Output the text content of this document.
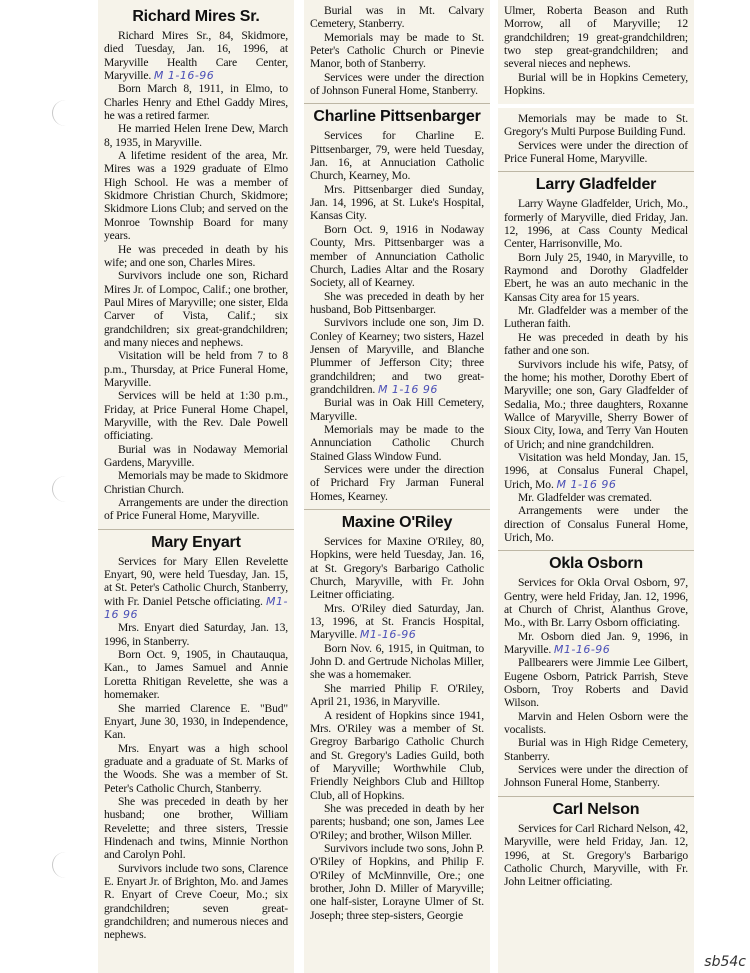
Richard Mires Sr.

Richard Mires Sr., 84, Skidmore, died Tuesday, Jan. 16, 1996, at Maryville Health Care Center, Maryville. M 1-16-96

Born March 8, 1911, in Elmo, to Charles Henry and Ethel Gaddy Mires, he was a retired farmer.

He married Helen Irene Dew, March 8, 1935, in Maryville.

A lifetime resident of the area, Mr. Mires was a 1929 graduate of Elmo High School. He was a member of Skidmore Christian Church, Skidmore; Skidmore Lions Club; and served on the Monroe Township Board for many years.

He was preceded in death by his wife; and one son, Charles Mires.

Survivors include one son, Richard Mires Jr. of Lompoc, Calif.; one brother, Paul Mires of Maryville; one sister, Elda Carver of Vista, Calif.; six grandchildren; six great-grandchildren; and many nieces and nephews.

Visitation will be held from 7 to 8 p.m., Thursday, at Price Funeral Home, Maryville.

Services will be held at 1:30 p.m., Friday, at Price Funeral Home Chapel, Maryville, with the Rev. Dale Powell officiating.

Burial was in Nodaway Memorial Gardens, Maryville.

Memorials may be made to Skidmore Christian Church.

Arrangements are under the direction of Price Funeral Home, Maryville.

Mary Enyart

Services for Mary Ellen Revelette Enyart, 90, were held Tuesday, Jan. 15, at St. Peter's Catholic Church, Stanberry, with Fr. Daniel Petsche officiating. M1-16 96

Mrs. Enyart died Saturday, Jan. 13, 1996, in Stanberry.

Born Oct. 9, 1905, in Chautauqua, Kan., to James Samuel and Annie Loretta Rhitigan Revelette, she was a homemaker.

She married Clarence E. "Bud" Enyart, June 30, 1930, in Independence, Kan.

Mrs. Enyart was a high school graduate and a graduate of St. Marks of the Woods. She was a member of St. Peter's Catholic Church, Stanberry.

She was preceded in death by her husband; one brother, William Revelette; and three sisters, Tressie Hindenach and twins, Minnie Northon and Carolyn Pohl.

Survivors include two sons, Clarence E. Enyart Jr. of Brighton, Mo. and James R. Enyart of Creve Coeur, Mo.; six grandchildren; seven great-grandchildren; and numerous nieces and nephews.

Burial was in Mt. Calvary Cemetery, Stanberry.

Memorials may be made to St. Peter's Catholic Church or Pinevie Manor, both of Stanberry.

Services were under the direction of Johnson Funeral Home, Stanberry.

Charline Pittsenbarger

Services for Charline E. Pittsenbarger, 79, were held Tuesday, Jan. 16, at Annuciation Catholic Church, Kearney, Mo.

Mrs. Pittsenbarger died Sunday, Jan. 14, 1996, at St. Luke's Hospital, Kansas City.

Born Oct. 9, 1916 in Nodaway County, Mrs. Pittsenbarger was a member of Annunciation Catholic Church, Ladies Altar and the Rosary Society, all of Kearney.

She was preceded in death by her husband, Bob Pittsenbarger.

Survivors include one son, Jim D. Conley of Kearney; two sisters, Hazel Jensen of Maryville, and Blanche Plummer of Jefferson City; three grandchildren; and two great-grandchildren. M 1-16 96

Burial was in Oak Hill Cemetery, Maryville.

Memorials may be made to the Annunciation Catholic Church Stained Glass Window Fund.

Services were under the direction of Prichard Fry Jarman Funeral Homes, Kearney.

Maxine O'Riley

Services for Maxine O'Riley, 80, Hopkins, were held Tuesday, Jan. 16, at St. Gregory's Barbarigo Catholic Church, Maryville, with Fr. John Leitner officiating.

Mrs. O'Riley died Saturday, Jan. 13, 1996, at St. Francis Hospital, Maryville. M1-16-96

Born Nov. 6, 1915, in Quitman, to John D. and Gertrude Nicholas Miller, she was a homemaker.

She married Philip F. O'Riley, April 21, 1936, in Maryville.

A resident of Hopkins since 1941, Mrs. O'Riley was a member of St. Gregroy Barbarigo Catholic Church and St. Gregory's Ladies Guild, both of Maryville; Worthwhile Club, Friendly Neighbors Club and Hilltop Club, all of Hopkins.

She was preceded in death by her parents; husband; one son, James Lee O'Riley; and brother, Wilson Miller.

Survivors include two sons, John P. O'Riley of Hopkins, and Philip F. O'Riley of McMinnville, Ore.; one brother, John D. Miller of Maryville; one half-sister, Lorayne Ulmer of St. Joseph; three step-sisters, Georgie

Ulmer, Roberta Beason and Ruth Morrow, all of Maryville; 12 grandchildren; 19 great-grandchildren; two step great-grandchildren; and several nieces and nephews.

Burial will be in Hopkins Cemetery, Hopkins.

Memorials may be made to St. Gregory's Multi Purpose Building Fund.

Services were under the direction of Price Funeral Home, Maryville.

Larry Gladfelder

Larry Wayne Gladfelder, Urich, Mo., formerly of Maryville, died Friday, Jan. 12, 1996, at Cass County Medical Center, Harrisonville, Mo.

Born July 25, 1940, in Maryville, to Raymond and Dorothy Gladfelder Ebert, he was an auto mechanic in the Kansas City area for 15 years.

Mr. Gladfelder was a member of the Lutheran faith.

He was preceded in death by his father and one son.

Survivors include his wife, Patsy, of the home; his mother, Dorothy Ebert of Maryville; one son, Gary Gladfelder of Sedalia, Mo.; three daughters, Roxanne Wallce of Maryville, Sherry Bower of Sioux City, Iowa, and Terry Van Houten of Urich; and nine grandchildren.

Visitation was held Monday, Jan. 15, 1996, at Consalus Funeral Chapel, Urich, Mo. M 1-16 96

Mr. Gladfelder was cremated.

Arrangements were under the direction of Consalus Funeral Home, Urich, Mo.

Okla Osborn

Services for Okla Orval Osborn, 97, Gentry, were held Friday, Jan. 12, 1996, at Church of Christ, Alanthus Grove, Mo., with Br. Larry Osborn officiating.

Mr. Osborn died Jan. 9, 1996, in Maryville. M1-16-96

Pallbearers were Jimmie Lee Gilbert, Eugene Osborn, Patrick Parrish, Steve Osborn, Troy Roberts and David Wilson.

Marvin and Helen Osborn were the vocalists.

Burial was in High Ridge Cemetery, Stanberry.

Services were under the direction of Johnson Funeral Home, Stanberry.

Carl Nelson

Services for Carl Richard Nelson, 42, Maryville, were held Friday, Jan. 12, 1996, at St. Gregory's Barbarigo Catholic Church, Maryville, with Fr. John Leitner officiating.

sb54c
